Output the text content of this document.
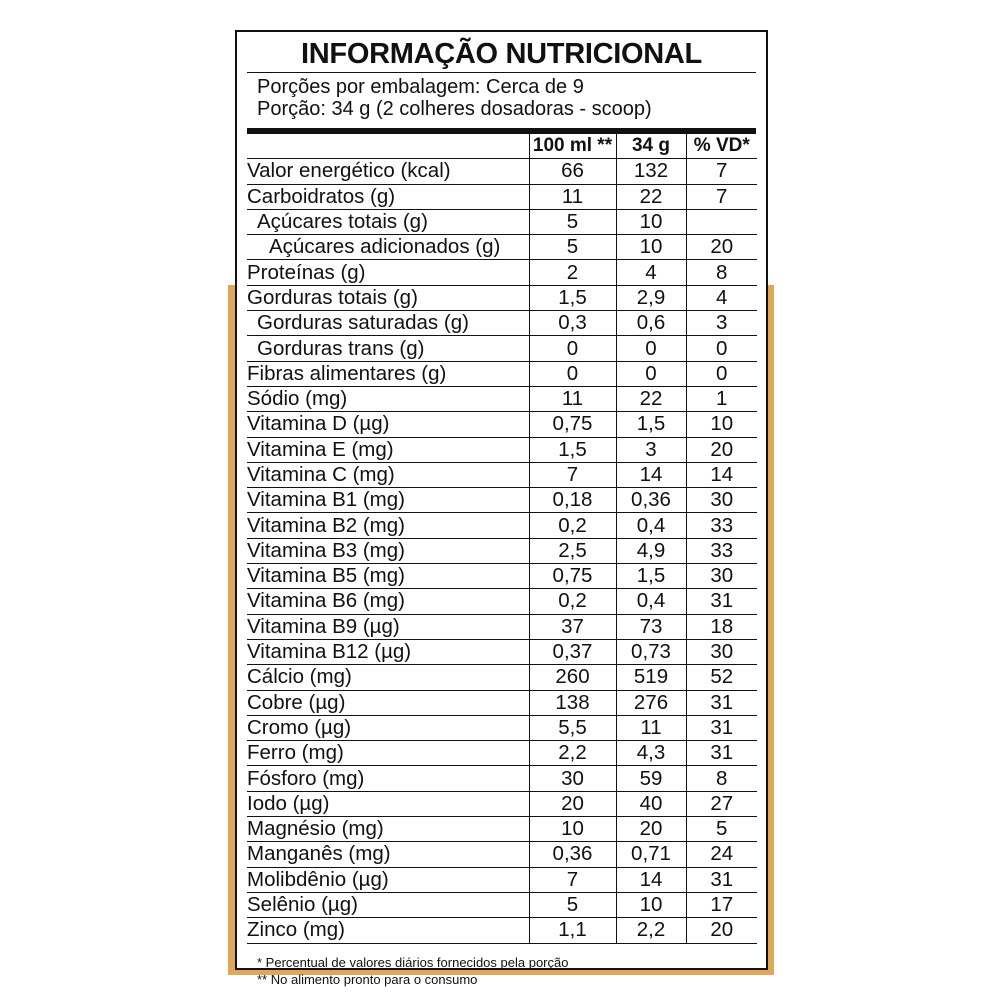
INFORMAÇÃO NUTRICIONAL
Porções por embalagem: Cerca de 9
Porção: 34 g (2 colheres dosadoras - scoop)
	100 ml **	34 g	% VD*
Valor energético (kcal)	66	132	7
Carboidratos (g)	11	22	7
Açúcares totais (g)	5	10	
Açúcares adicionados (g)	5	10	20
Proteínas (g)	2	4	8
Gorduras totais (g)	1,5	2,9	4
Gorduras saturadas (g)	0,3	0,6	3
Gorduras trans (g)	0	0	0
Fibras alimentares (g)	0	0	0
Sódio (mg)	11	22	1
Vitamina D (µg)	0,75	1,5	10
Vitamina E (mg)	1,5	3	20
Vitamina C (mg)	7	14	14
Vitamina B1 (mg)	0,18	0,36	30
Vitamina B2 (mg)	0,2	0,4	33
Vitamina B3 (mg)	2,5	4,9	33
Vitamina B5 (mg)	0,75	1,5	30
Vitamina B6 (mg)	0,2	0,4	31
Vitamina B9 (µg)	37	73	18
Vitamina B12 (µg)	0,37	0,73	30
Cálcio (mg)	260	519	52
Cobre (µg)	138	276	31
Cromo (µg)	5,5	11	31
Ferro (mg)	2,2	4,3	31
Fósforo (mg)	30	59	8
Iodo (µg)	20	40	27
Magnésio (mg)	10	20	5
Manganês (mg)	0,36	0,71	24
Molibdênio (µg)	7	14	31
Selênio (µg)	5	10	17
Zinco (mg)	1,1	2,2	20
* Percentual de valores diários fornecidos pela porção
** No alimento pronto para o consumo
